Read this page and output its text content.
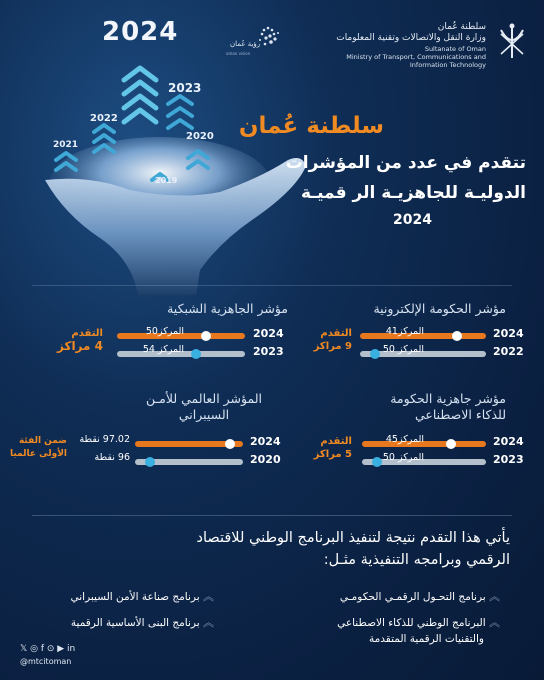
سلطنة عُمان
وزارة النقل والاتصالات وتقنية المعلومات
Sultanate of Oman
Ministry of Transport, Communications and
Information Technology
رؤية عُمان
oman vision
2024
2023
2022
2020
2021
2019
سلطنة عُمان
تتقدم في عدد من المؤشرات
الدوليـة للجاهزيـة الر قميـة
2024
مؤشر الحكومة الإلكترونية
2024
المركز41
2022
المركز 50
التقدم
9 مراكز
مؤشر الجاهزية الشبكية
2024
المركز50
2023
المركز 54
التقدم
4 مراكز
مؤشر جاهزية الحكومة
للذكاء الاصطناعي
2024
المركز45
2023
المركز 50
التقدم
5 مراكز
المؤشر العالمي للأمـن
السيبراني
2024
97.02 نقطة
2020
96 نقطة
ضمن الفئة
الأولى عالميا
يأتي هذا التقدم نتيجة لتنفيذ البرنامج الوطني للاقتصاد
الرقمي وبرامجه التنفيذية مثـل:
︽ برنامج التحـول الرقمـي الحكومـي
︽ البرنامج الوطني للذكاء الاصطناعي
والتقنيات الرقمية المتقدمة
︽ برنامج صناعة الأمن السيبراني
︽ برنامج البنى الأساسية الرقمية
𝕏 ◎ f ⊙ ▶ in
@mtcitoman
